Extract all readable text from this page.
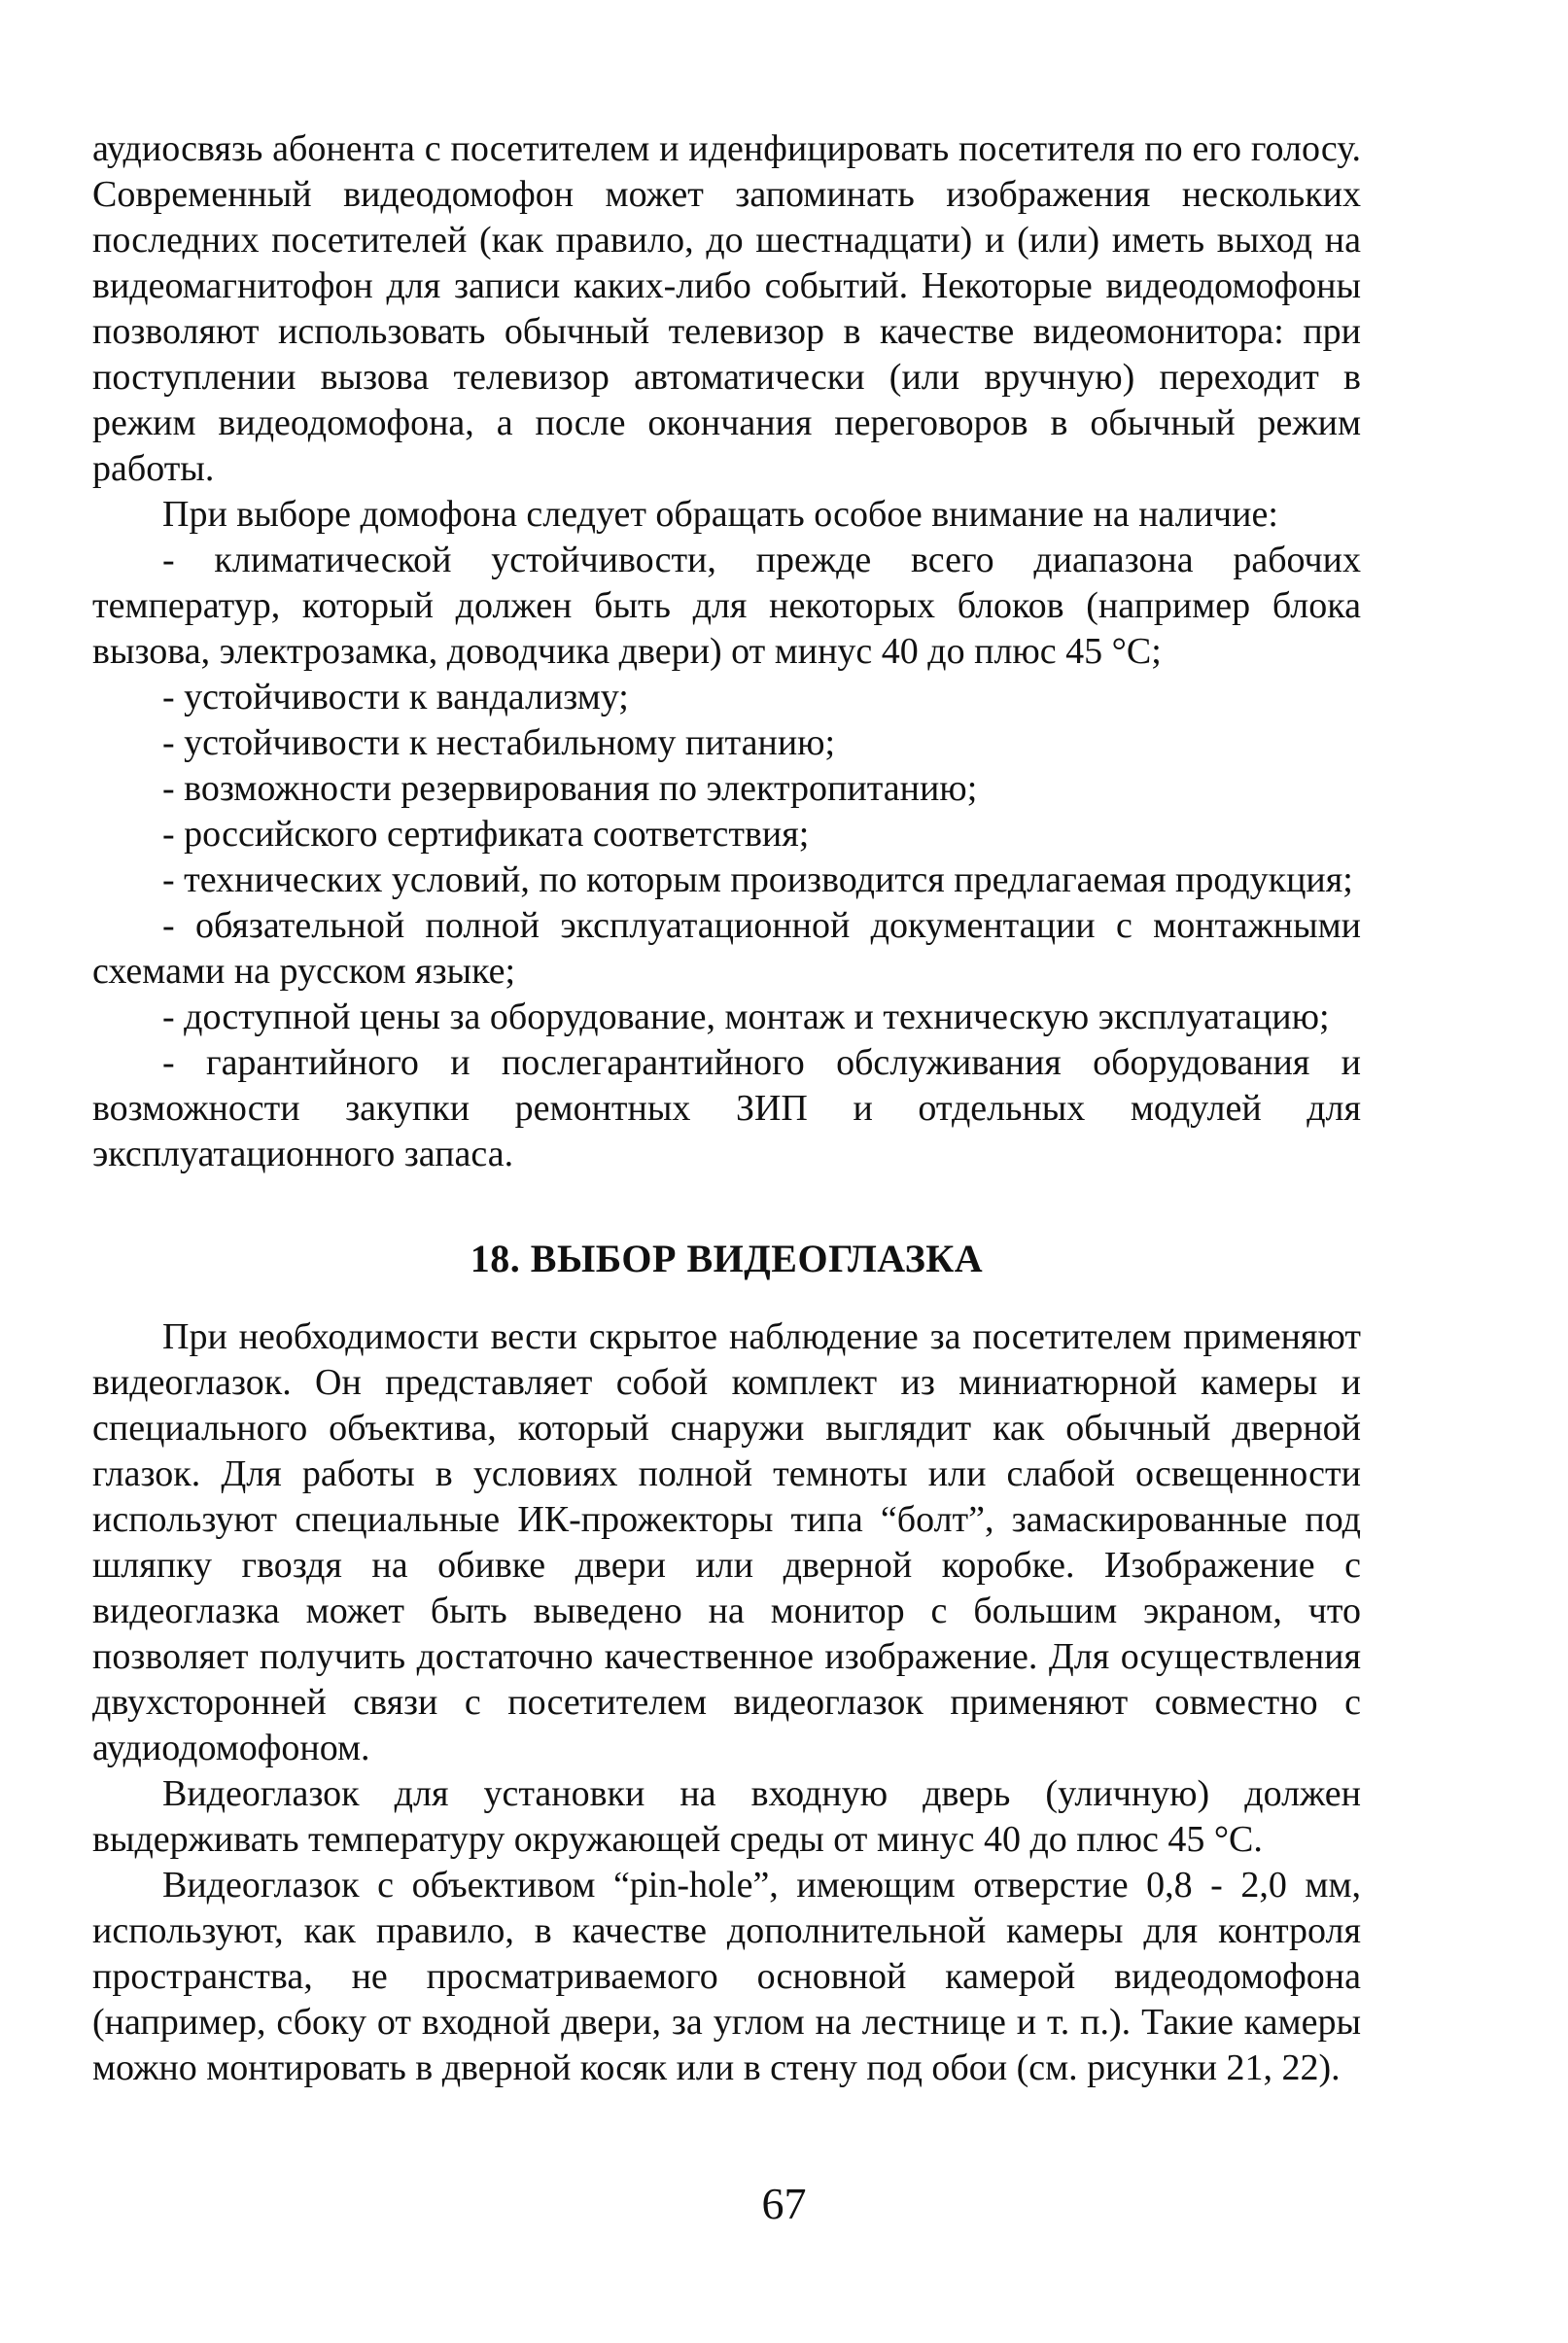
аудиосвязь абонента с посетителем и иденфицировать посетителя по его голосу. Современный видеодомофон может запоминать изображения нескольких последних посетителей (как правило, до шестнадцати) и (или) иметь выход на видеомагнитофон для записи каких-либо событий. Некоторые видеодомофоны позволяют использовать обычный телевизор в качестве видеомонитора: при поступлении вызова телевизор автоматически (или вручную) переходит в режим видеодомофона, а после окончания переговоров в обычный режим работы.

При выборе домофона следует обращать особое внимание на наличие:

- климатической устойчивости, прежде всего диапазона рабочих температур, который должен быть для некоторых блоков (например блока вызова, электрозамка, доводчика двери) от минус 40 до плюс 45 °С;
- устойчивости к вандализму;
- устойчивости к нестабильному питанию;
- возможности резервирования по электропитанию;
- российского сертификата соответствия;
- технических условий, по которым производится предлагаемая продукция;
- обязательной полной эксплуатационной документации с монтажными схемами на русском языке;
- доступной цены за оборудование, монтаж и техническую эксплуатацию;
- гарантийного и послегарантийного обслуживания оборудования и возможности закупки ремонтных ЗИП и отдельных модулей для эксплуатационного запаса.
18. ВЫБОР ВИДЕОГЛАЗКА

При необходимости вести скрытое наблюдение за посетителем применяют видеоглазок. Он представляет собой комплект из миниатюрной камеры и специального объектива, который снаружи выглядит как обычный дверной глазок. Для работы в условиях полной темноты или слабой освещенности используют специальные ИК-прожекторы типа “болт”, замаскированные под шляпку гвоздя на обивке двери или дверной коробке. Изображение с видеоглазка может быть выведено на монитор с большим экраном, что позволяет получить достаточно качественное изображение. Для осуществления двухсторонней связи с посетителем видеоглазок применяют совместно с аудиодомофоном.

Видеоглазок для установки на входную дверь (уличную) должен выдерживать температуру окружающей среды от минус 40 до плюс 45 °С.

Видеоглазок с объективом “pin-hole”, имеющим отверстие 0,8 - 2,0 мм, используют, как правило, в качестве дополнительной камеры для контроля пространства, не просматриваемого основной камерой видеодомофона (например, сбоку от входной двери, за углом на лестнице и т. п.). Такие камеры можно монтировать в дверной косяк или в стену под обои (см. рисунки 21, 22).

67
